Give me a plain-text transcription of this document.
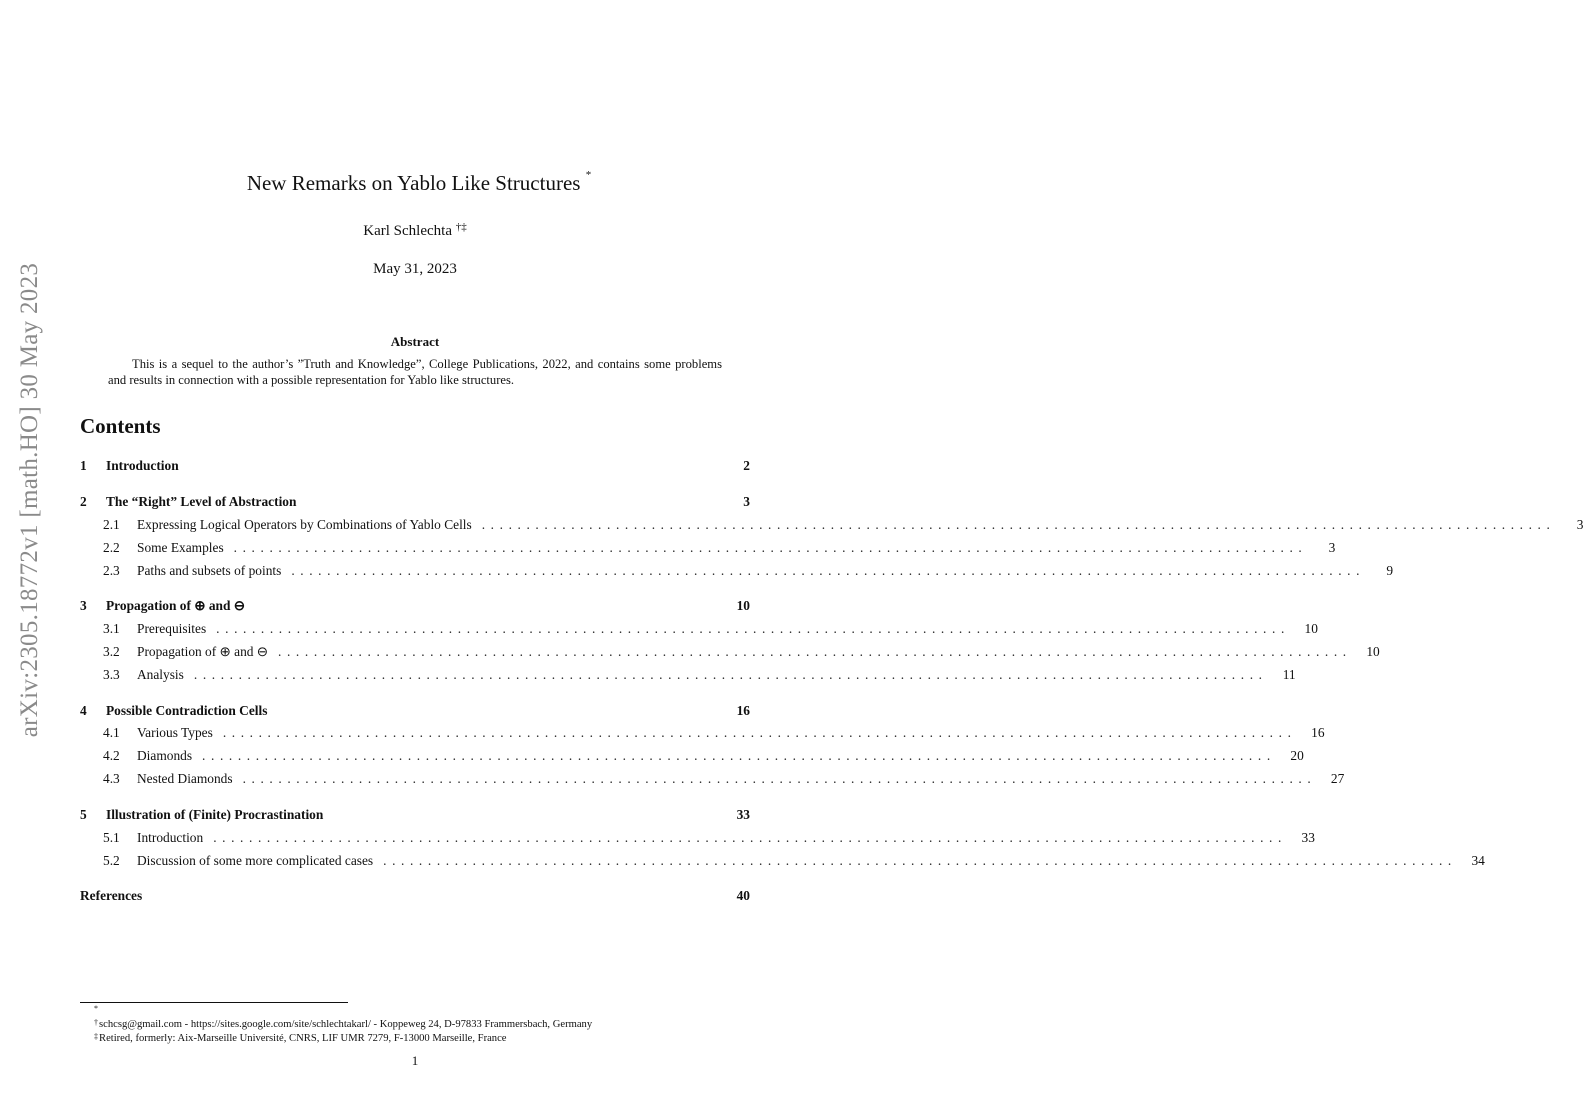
arXiv:2305.18772v1 [math.HO] 30 May 2023
New Remarks on Yablo Like Structures *
Karl Schlechta †‡
May 31, 2023
Abstract

This is a sequel to the author’s ”Truth and Knowledge”, College Publications, 2022, and contains some problems and results in connection with a possible representation for Yablo like structures.

Contents
1	Introduction	2
2	The “Right” Level of Abstraction	3
2.1	Expressing Logical Operators by Combinations of Yablo Cells ........................................................................................................................	3
2.2	Some Examples ........................................................................................................................	3
2.3	Paths and subsets of points ........................................................................................................................	9
3	Propagation of ⊕ and ⊖	10
3.1	Prerequisites ........................................................................................................................	10
3.2	Propagation of ⊕ and ⊖ ........................................................................................................................	10
3.3	Analysis ........................................................................................................................	11
4	Possible Contradiction Cells	16
4.1	Various Types ........................................................................................................................	16
4.2	Diamonds ........................................................................................................................	20
4.3	Nested Diamonds ........................................................................................................................	27
5	Illustration of (Finite) Procrastination	33
5.1	Introduction ........................................................................................................................	33
5.2	Discussion of some more complicated cases ........................................................................................................................	34
References	40

*

†schcsg@gmail.com - https://sites.google.com/site/schlechtakarl/ - Koppeweg 24, D-97833 Frammersbach, Germany

‡Retired, formerly: Aix-Marseille Université, CNRS, LIF UMR 7279, F-13000 Marseille, France

1
